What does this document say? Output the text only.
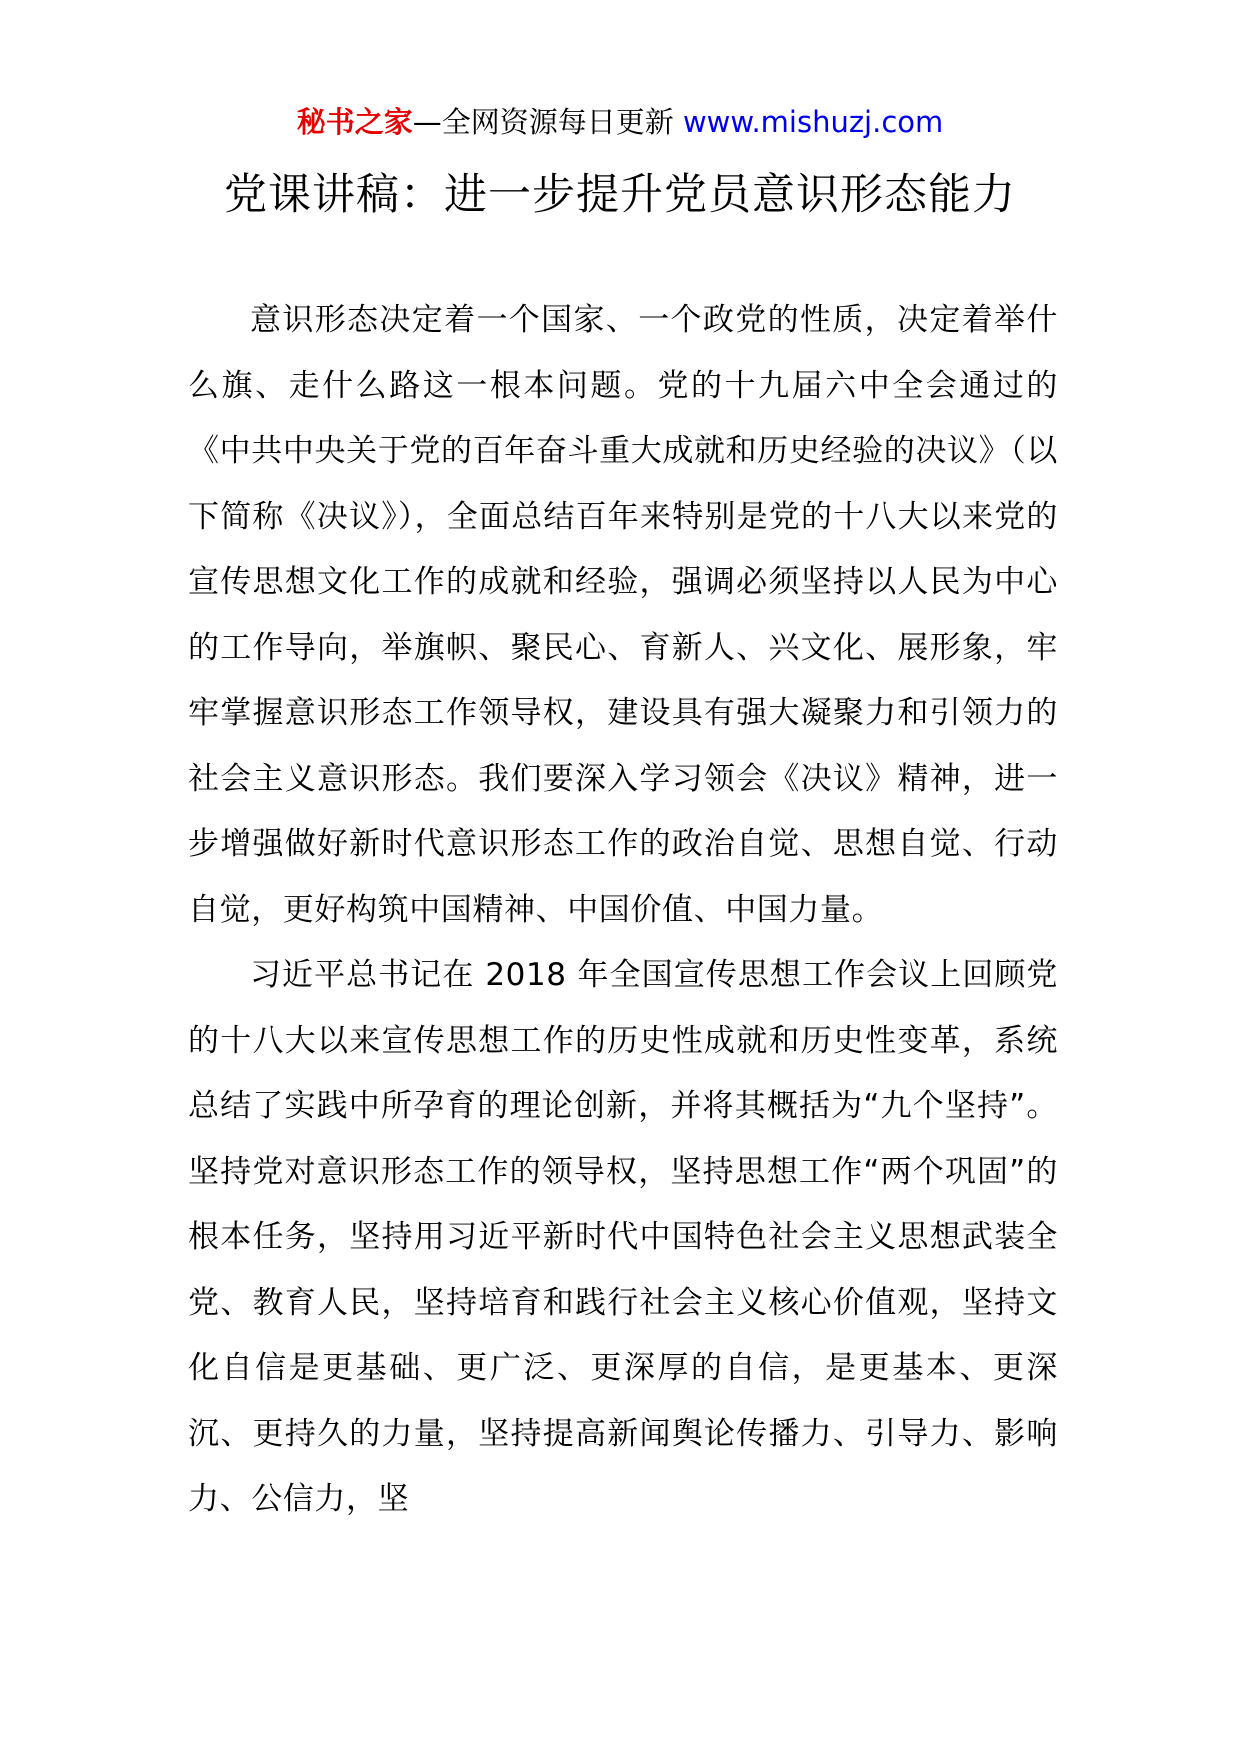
秘书之家—全网资源每日更新 www.mishuzj.com
党课讲稿：进一步提升党员意识形态能力

意识形态决定着一个国家、一个政党的性质，决定着举什么旗、走什么路这一根本问题。党的十九届六中全会通过的《中共中央关于党的百年奋斗重大成就和历史经验的决议》（以下简称《决议》），全面总结百年来特别是党的十八大以来党的宣传思想文化工作的成就和经验，强调必须坚持以人民为中心的工作导向，举旗帜、聚民心、育新人、兴文化、展形象，牢牢掌握意识形态工作领导权，建设具有强大凝聚力和引领力的社会主义意识形态。我们要深入学习领会《决议》精神，进一步增强做好新时代意识形态工作的政治自觉、思想自觉、行动自觉，更好构筑中国精神、中国价值、中国力量。

习近平总书记在 2018 年全国宣传思想工作会议上回顾党的十八大以来宣传思想工作的历史性成就和历史性变革，系统总结了实践中所孕育的理论创新，并将其概括为“九个坚持”。坚持党对意识形态工作的领导权，坚持思想工作“两个巩固”的根本任务，坚持用习近平新时代中国特色社会主义思想武装全党、教育人民，坚持培育和践行社会主义核心价值观，坚持文化自信是更基础、更广泛、更深厚的自信，是更基本、更深沉、更持久的力量，坚持提高新闻舆论传播力、引导力、影响力、公信力，坚
